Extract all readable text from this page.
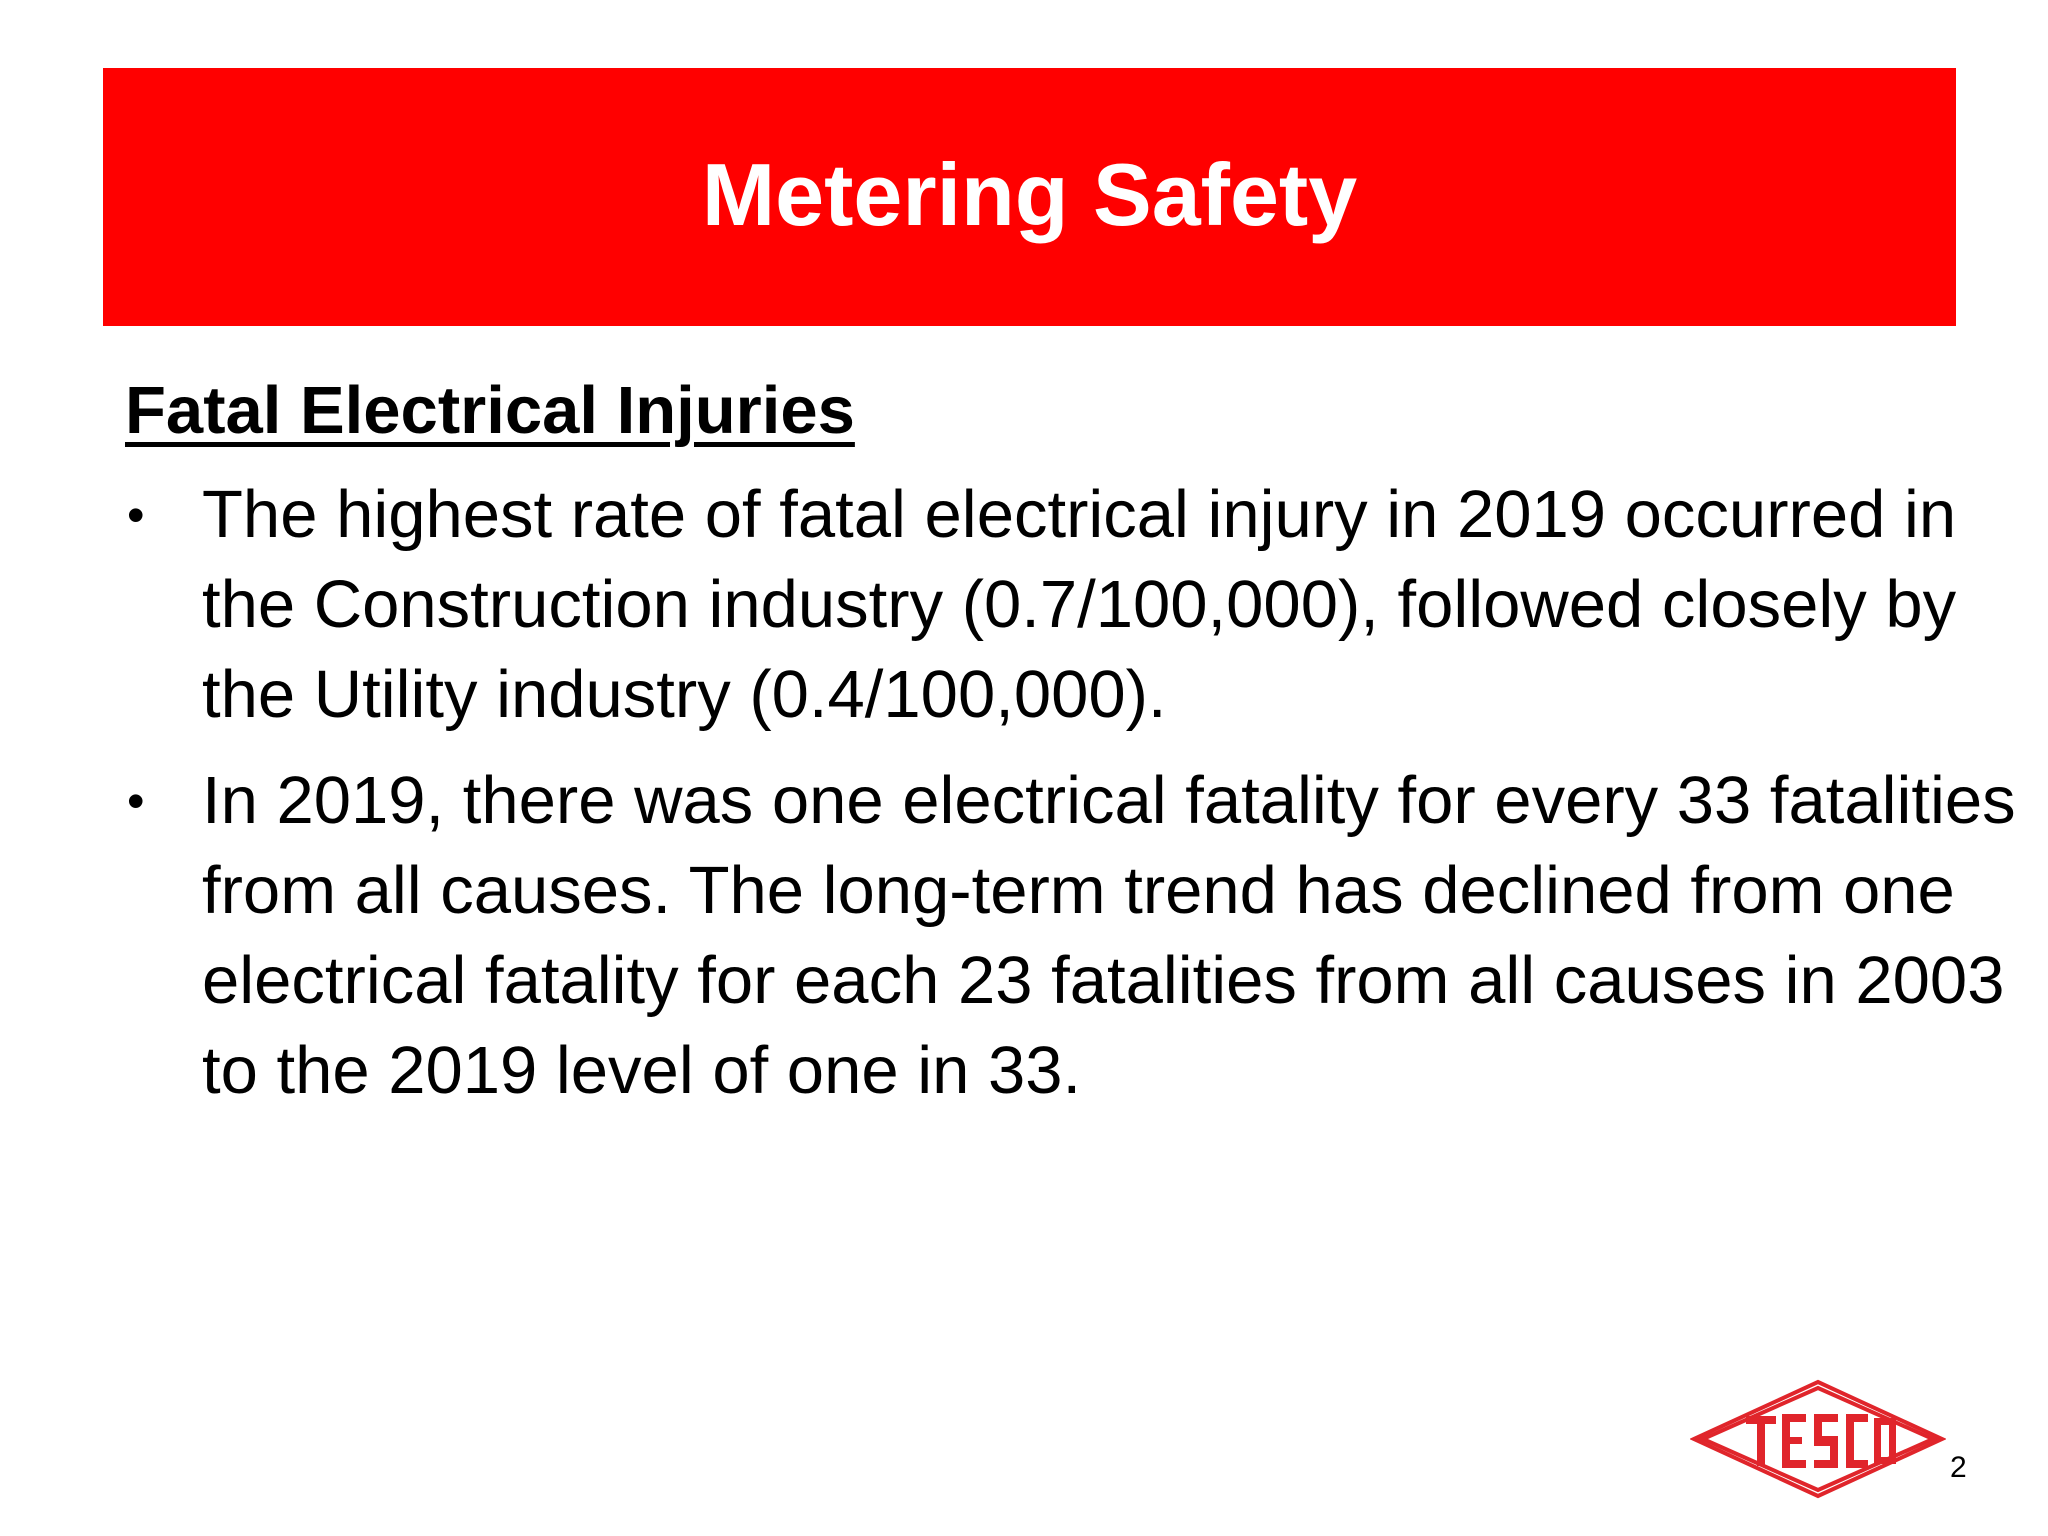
Metering Safety
Fatal Electrical Injuries
• The highest rate of fatal electrical injury in 2019 occurred in the Construction industry (0.7/100,000), followed closely by the Utility industry (0.4/100,000).
• In 2019, there was one electrical fatality for every 33 fatalities from all causes. The long-term trend has declined from one electrical fatality for each 23 fatalities from all causes in 2003 to the 2019 level of one in 33.
2
